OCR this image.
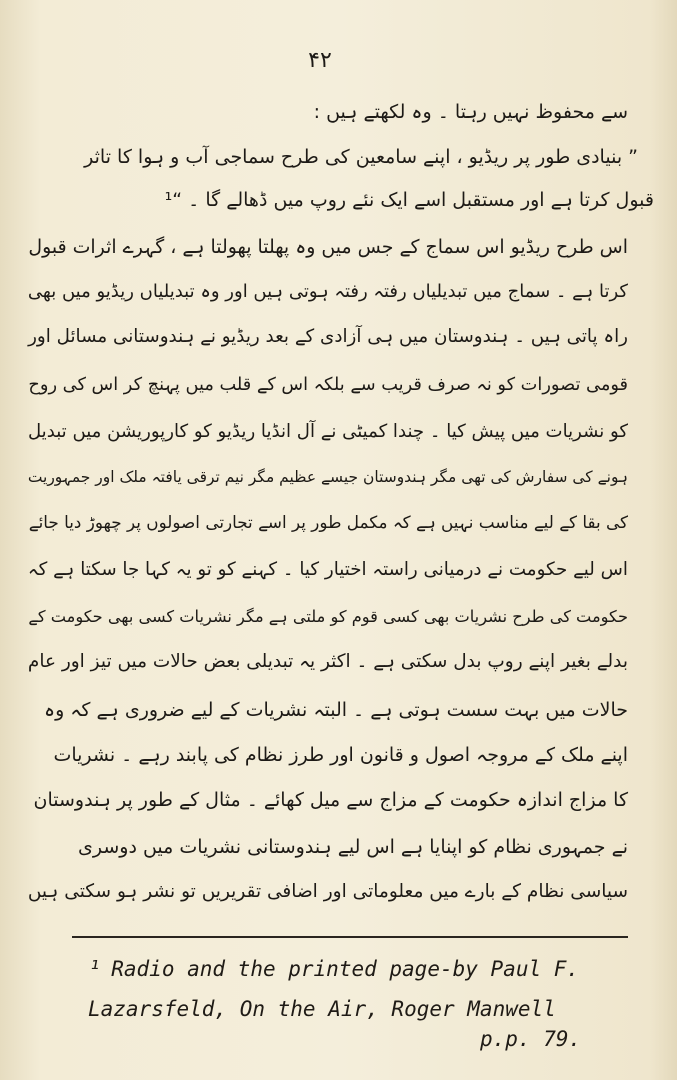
۴۲
سے محفوظ نہیں رہتا ۔ وہ لکھتے ہیں :
” بنیادی طور پر ریڈیو ، اپنے سامعین کی طرح سماجی آب و ہوا کا تاثر
قبول کرتا ہے اور مستقبل اسے ایک نئے روپ میں ڈھالے گا ۔ “¹
اس طرح ریڈیو اس سماج کے جس میں وہ پھلتا پھولتا ہے ، گہرے اثرات قبول
کرتا ہے ۔ سماج میں تبدیلیاں رفتہ رفتہ ہوتی ہیں اور وہ تبدیلیاں ریڈیو میں بھی
راہ پاتی ہیں ۔ ہندوستان میں ہی آزادی کے بعد ریڈیو نے ہندوستانی مسائل اور
قومی تصورات کو نہ صرف قریب سے بلکہ اس کے قلب میں پہنچ کر اس کی روح
کو نشریات میں پیش کیا ۔ چندا کمیٹی نے آل انڈیا ریڈیو کو کارپوریشن میں تبدیل
ہونے کی سفارش کی تھی مگر ہندوستان جیسے عظیم مگر نیم ترقی یافتہ ملک اور جمہوریت
کی بقا کے لیے مناسب نہیں ہے کہ مکمل طور پر اسے تجارتی اصولوں پر چھوڑ دیا جائے
اس لیے حکومت نے درمیانی راستہ اختیار کیا ۔ کہنے کو تو یہ کہا جا سکتا ہے کہ
حکومت کی طرح نشریات بھی کسی قوم کو ملتی ہے مگر نشریات کسی بھی حکومت کے
بدلے بغیر اپنے روپ بدل سکتی ہے ۔ اکثر یہ تبدیلی بعض حالات میں تیز اور عام
حالات میں بہت سست ہوتی ہے ۔ البتہ نشریات کے لیے ضروری ہے کہ وہ
اپنے ملک کے مروجہ اصول و قانون اور طرز نظام کی پابند رہے ۔ نشریات
کا مزاج اندازہ حکومت کے مزاج سے میل کھائے ۔ مثال کے طور پر ہندوستان
نے جمہوری نظام کو اپنایا ہے اس لیے ہندوستانی نشریات میں دوسری
سیاسی نظام کے بارے میں معلوماتی اور اضافی تقریریں تو نشر ہو سکتی ہیں
¹ Radio and the printed page-by Paul F.
Lazarsfeld, On the Air, Roger Manwell
p.p. 79.
